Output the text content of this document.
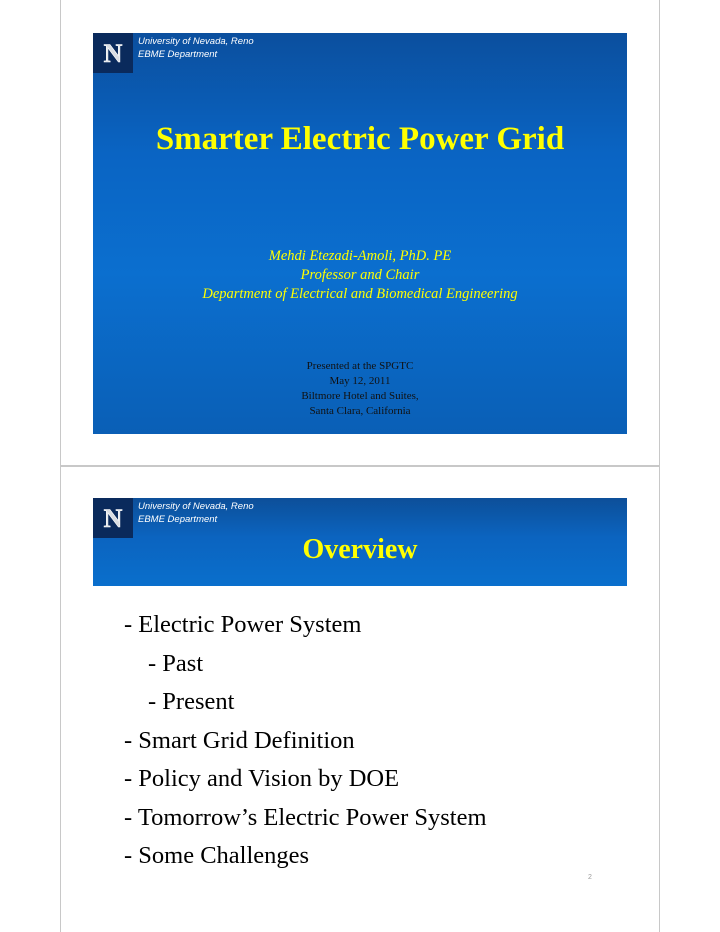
N University of Nevada, Reno
EBME Department
Smarter Electric Power Grid
Mehdi Etezadi-Amoli, PhD. PE
Professor and Chair
Department of Electrical and Biomedical Engineering
Presented at the SPGTC
May 12, 2011
Biltmore Hotel and Suites,
Santa Clara, California
N University of Nevada, Reno
EBME Department
Overview
- Electric Power System
- Past
- Present
- Smart Grid Definition
- Policy and Vision by DOE
- Tomorrow’s Electric Power System
- Some Challenges
2
